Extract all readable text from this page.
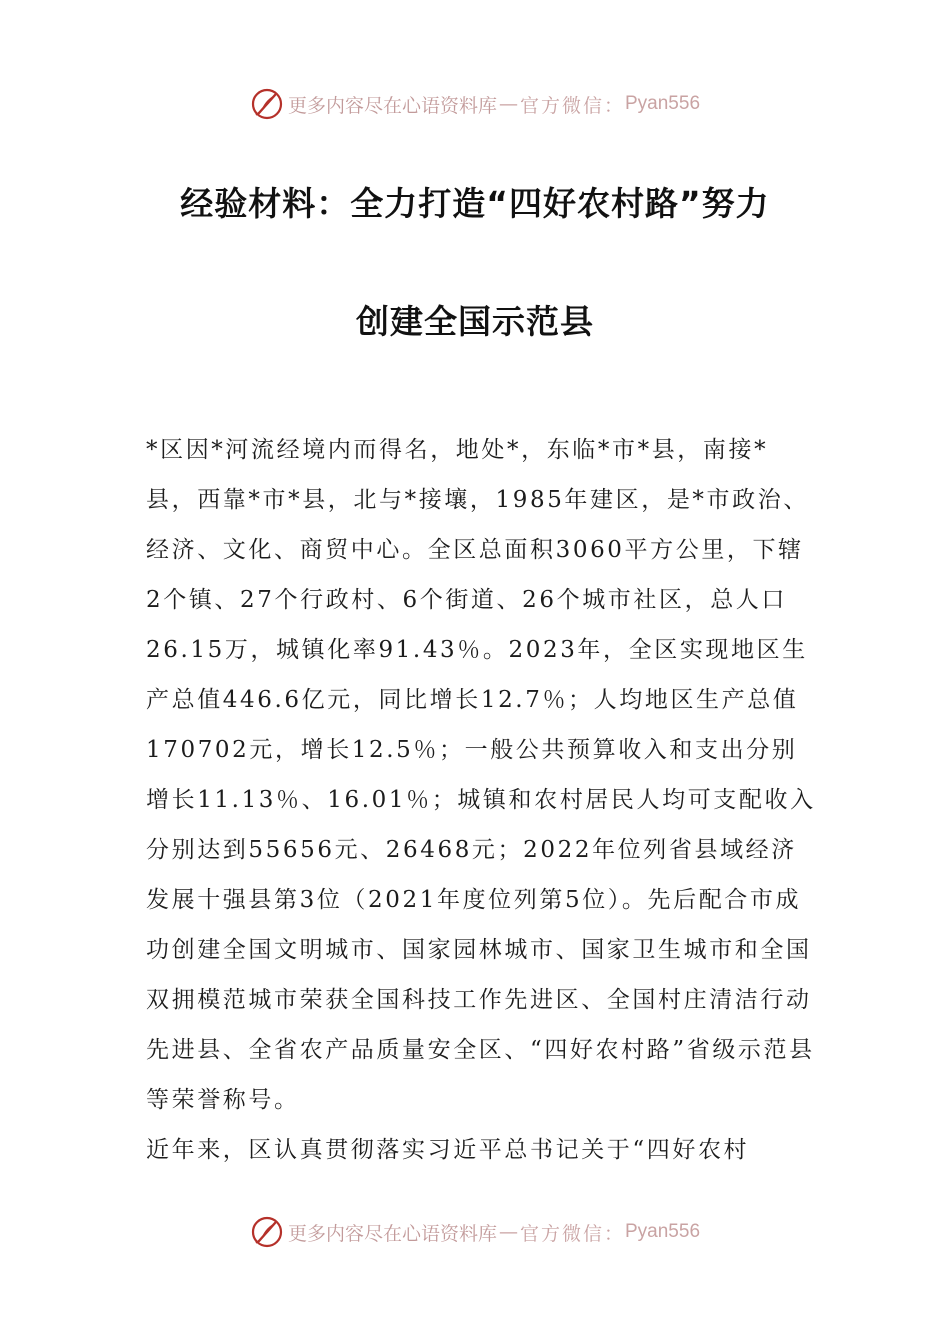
更多内容尽在心语资料库 — 官方微信： Pyan556
经验材料：全力打造“四好农村路”努力
创建全国示范县

*区因*河流经境内而得名，地处*，东临*市*县，南接*县，西靠*市*县，北与*接壤，1985年建区，是*市政治、经济、文化、商贸中心。全区总面积3060平方公里，下辖2个镇、27个行政村、6个街道、26个城市社区，总人口26.15万，城镇化率91.43％。2023年，全区实现地区生产总值446.6亿元，同比增长12.7％；人均地区生产总值170702元，增长12.5％；一般公共预算收入和支出分别增长11.13％、16.01％；城镇和农村居民人均可支配收入分别达到55656元、26468元；2022年位列省县域经济发展十强县第3位（2021年度位列第5位）。先后配合市成功创建全国文明城市、国家园林城市、国家卫生城市和全国双拥模范城市荣获全国科技工作先进区、全国村庄清洁行动先进县、全省农产品质量安全区、“四好农村路”省级示范县等荣誉称号。

近年来，区认真贯彻落实习近平总书记关于“四好农村

更多内容尽在心语资料库 — 官方微信： Pyan556
